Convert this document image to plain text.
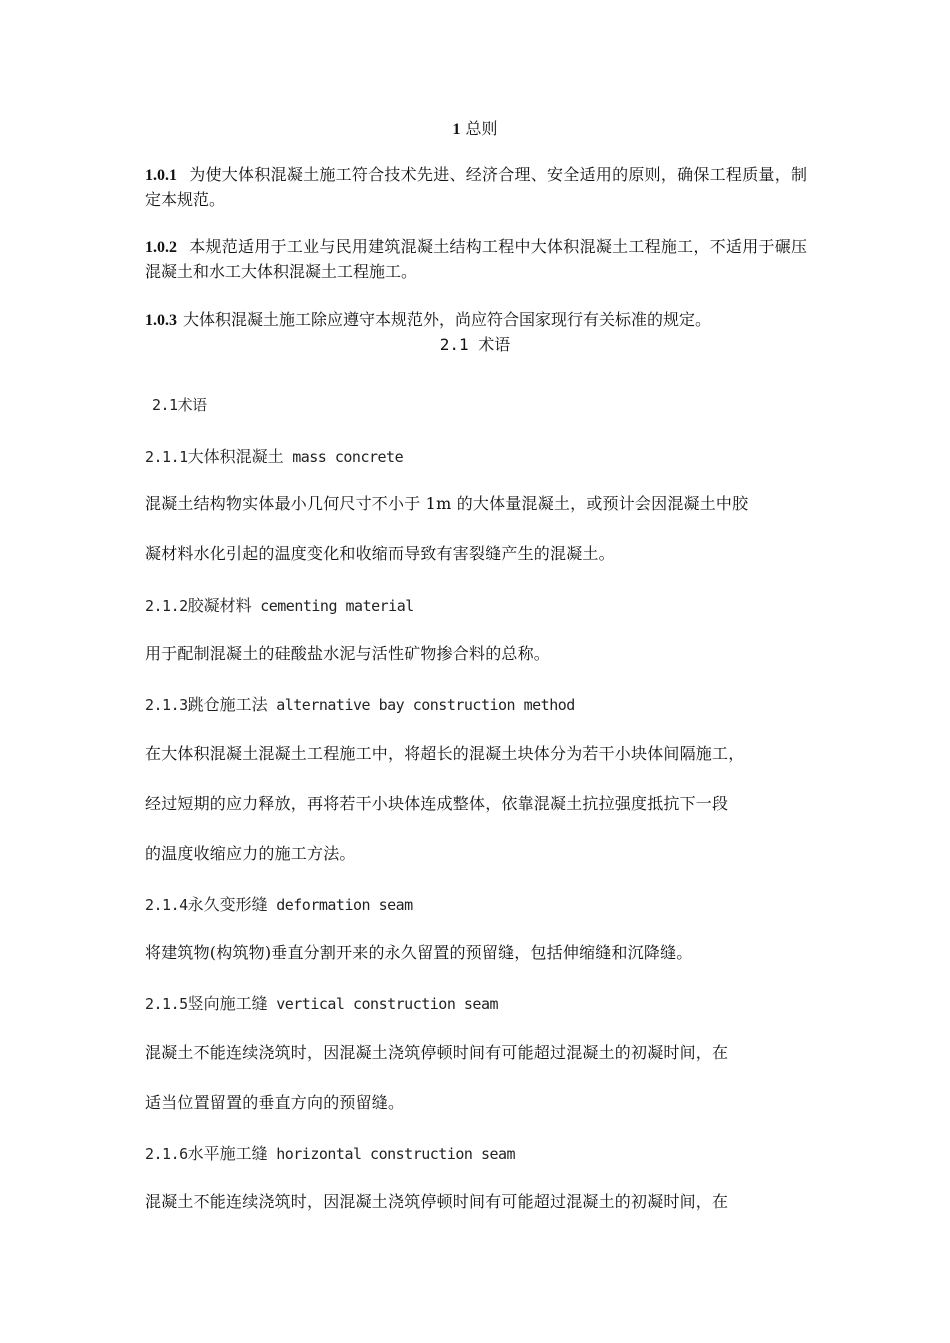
1 总则
1.0.1 为使大体积混凝土施工符合技术先进、经济合理、安全适用的原则，确保工程质量，制定本规范。
1.0.2 本规范适用于工业与民用建筑混凝土结构工程中大体积混凝土工程施工，不适用于碾压混凝土和水工大体积混凝土工程施工。
1.0.3 大体积混凝土施工除应遵守本规范外，尚应符合国家现行有关标准的规定。
2.1 术语
2.1术语
2.1.1大体积混凝土 mass concrete
混凝土结构物实体最小几何尺寸不小于 1m 的大体量混凝土，或预计会因混凝土中胶
凝材料水化引起的温度变化和收缩而导致有害裂缝产生的混凝土。
2.1.2胶凝材料 cementing material
用于配制混凝土的硅酸盐水泥与活性矿物掺合料的总称。
2.1.3跳仓施工法 alternative bay construction method
在大体积混凝土混凝土工程施工中，将超长的混凝土块体分为若干小块体间隔施工，
经过短期的应力释放，再将若干小块体连成整体，依靠混凝土抗拉强度抵抗下一段
的温度收缩应力的施工方法。
2.1.4永久变形缝 deformation seam
将建筑物(构筑物)垂直分割开来的永久留置的预留缝，包括伸缩缝和沉降缝。
2.1.5竖向施工缝 vertical construction seam
混凝土不能连续浇筑时，因混凝土浇筑停顿时间有可能超过混凝土的初凝时间，在
适当位置留置的垂直方向的预留缝。
2.1.6水平施工缝 horizontal construction seam
混凝土不能连续浇筑时，因混凝土浇筑停顿时间有可能超过混凝土的初凝时间，在
